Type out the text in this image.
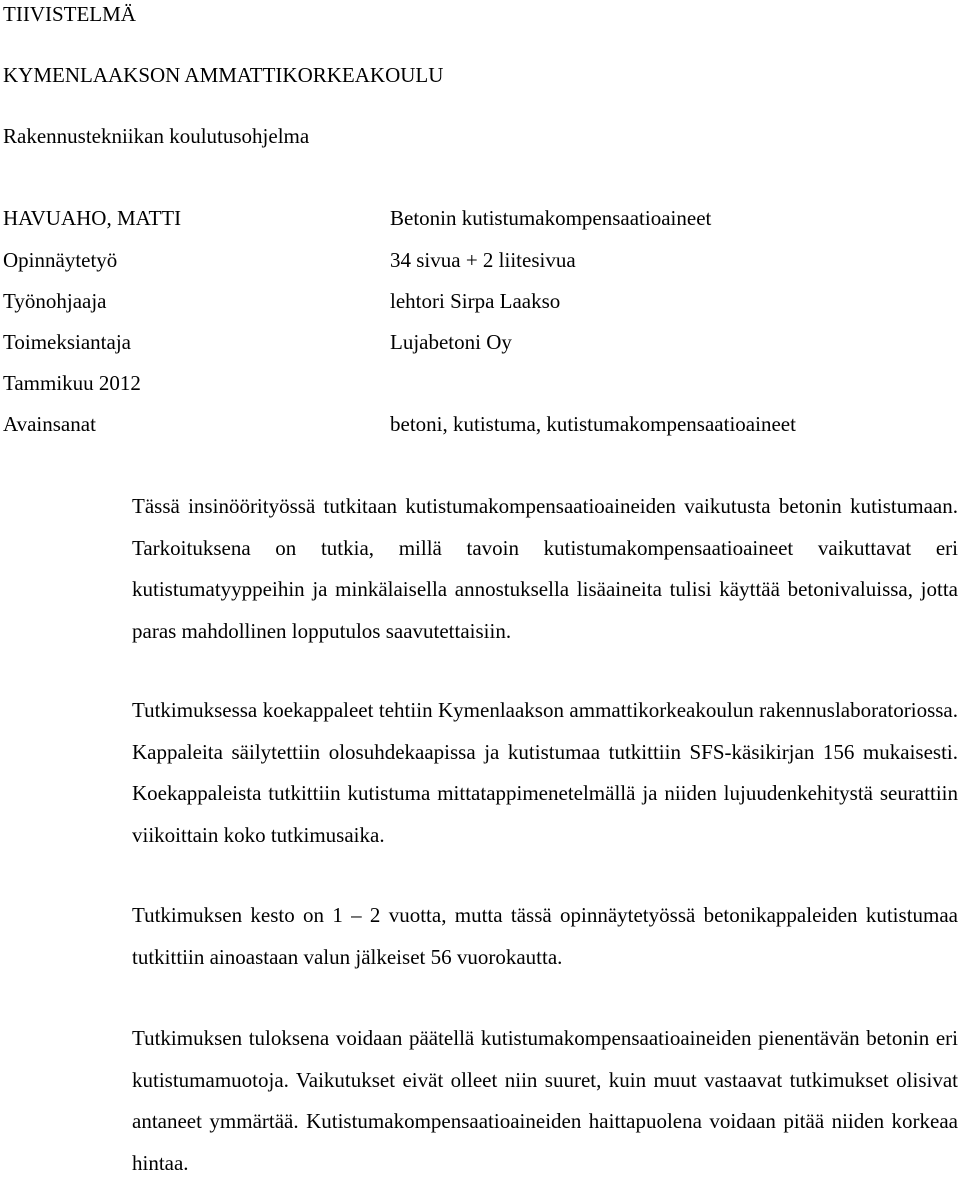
TIIVISTELMÄ
KYMENLAAKSON AMMATTIKORKEAKOULU
Rakennustekniikan koulutusohjelma
HAVUAHO, MATTI	Betonin kutistumakompensaatioaineet
Opinnäytetyö	34 sivua + 2 liitesivua
Työnohjaaja	lehtori Sirpa Laakso
Toimeksiantaja	Lujabetoni Oy
Tammikuu 2012
Avainsanat	betoni, kutistuma, kutistumakompensaatioaineet

Tässä insinöörityössä tutkitaan kutistumakompensaatioaineiden vaikutusta betonin kutistumaan. Tarkoituksena on tutkia, millä tavoin kutistumakompensaatioaineet vaikuttavat eri kutistumatyyppeihin ja minkälaisella annostuksella lisäaineita tulisi käyttää betonivaluissa, jotta paras mahdollinen lopputulos saavutettaisiin.

Tutkimuksessa koekappaleet tehtiin Kymenlaakson ammattikorkeakoulun rakennuslaboratoriossa. Kappaleita säilytettiin olosuhdekaapissa ja kutistumaa tutkittiin SFS-käsikirjan 156 mukaisesti. Koekappaleista tutkittiin kutistuma mittatappimenetelmällä ja niiden lujuudenkehitystä seurattiin viikoittain koko tutkimusaika.

Tutkimuksen kesto on 1 – 2 vuotta, mutta tässä opinnäytetyössä betonikappaleiden kutistumaa tutkittiin ainoastaan valun jälkeiset 56 vuorokautta.

Tutkimuksen tuloksena voidaan päätellä kutistumakompensaatioaineiden pienentävän betonin eri kutistumamuotoja. Vaikutukset eivät olleet niin suuret, kuin muut vastaavat tutkimukset olisivat antaneet ymmärtää. Kutistumakompensaatioaineiden haittapuolena voidaan pitää niiden korkeaa hintaa.
